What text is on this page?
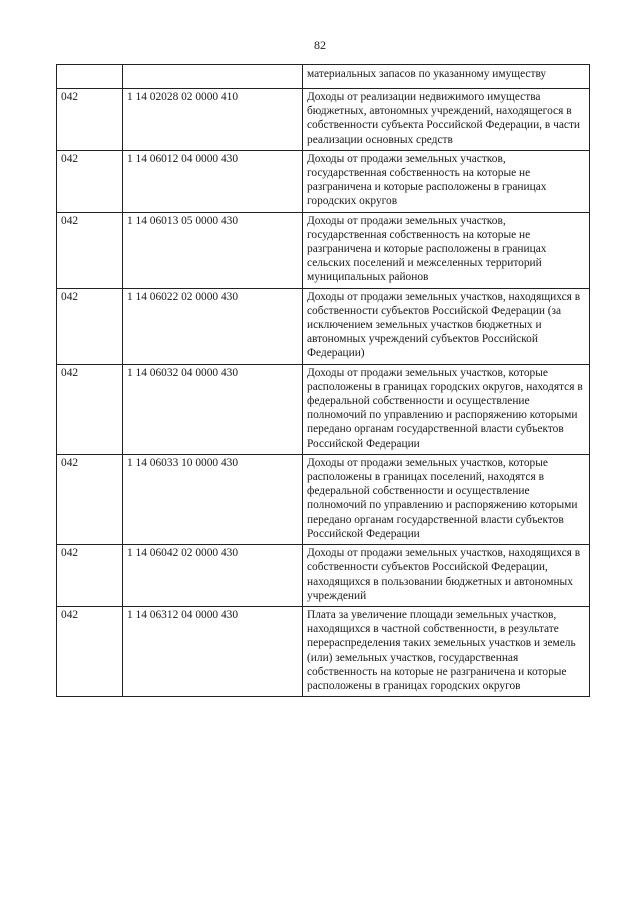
82
		материальных запасов по указанному имуществу
042	1 14 02028 02 0000 410	Доходы от реализации недвижимого имущества бюджетных, автономных учреждений, находящегося в собственности субъекта Российской Федерации, в части реализации основных средств
042	1 14 06012 04 0000 430	Доходы от продажи земельных участков, государственная собственность на которые не разграничена и которые расположены в границах городских округов
042	1 14 06013 05 0000 430	Доходы от продажи земельных участков, государственная собственность на которые не разграничена и которые расположены в границах сельских поселений и межселенных территорий муниципальных районов
042	1 14 06022 02 0000 430	Доходы от продажи земельных участков, находящихся в собственности субъектов Российской Федерации (за исключением земельных участков бюджетных и автономных учреждений субъектов Российской Федерации)
042	1 14 06032 04 0000 430	Доходы от продажи земельных участков, которые расположены в границах городских округов, находятся в федеральной собственности и осуществление полномочий по управлению и распоряжению которыми передано органам государственной власти субъектов Российской Федерации
042	1 14 06033 10 0000 430	Доходы от продажи земельных участков, которые расположены в границах поселений, находятся в федеральной собственности и осуществление полномочий по управлению и распоряжению которыми передано органам государственной власти субъектов Российской Федерации
042	1 14 06042 02 0000 430	Доходы от продажи земельных участков, находящихся в собственности субъектов Российской Федерации, находящихся в пользовании бюджетных и автономных учреждений
042	1 14 06312 04 0000 430	Плата за увеличение площади земельных участков, находящихся в частной собственности, в результате перераспределения таких земельных участков и земель (или) земельных участков, государственная собственность на которые не разграничена и которые расположены в границах городских округов
